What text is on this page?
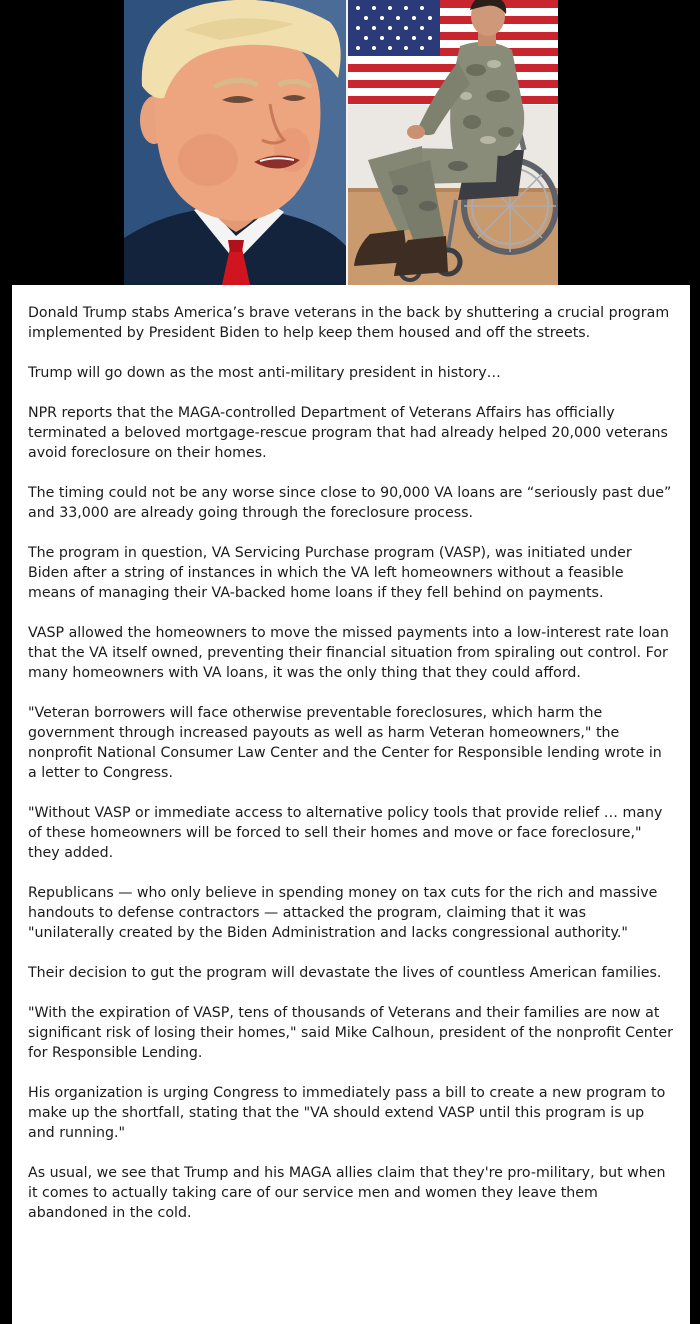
Donald Trump stabs America’s brave veterans in the back by shuttering a crucial program implemented by President Biden to help keep them housed and off the streets.

Trump will go down as the most anti-military president in history…

NPR reports that the MAGA-controlled Department of Veterans Affairs has officially terminated a beloved mortgage-rescue program that had already helped 20,000 veterans avoid foreclosure on their homes.

The timing could not be any worse since close to 90,000 VA loans are “seriously past due” and 33,000 are already going through the foreclosure process.

The program in question, VA Servicing Purchase program (VASP), was initiated under Biden after a string of instances in which the VA left homeowners without a feasible means of managing their VA-backed home loans if they fell behind on payments.

VASP allowed the homeowners to move the missed payments into a low-interest rate loan that the VA itself owned, preventing their financial situation from spiraling out control. For many homeowners with VA loans, it was the only thing that they could afford.

"Veteran borrowers will face otherwise preventable foreclosures, which harm the government through increased payouts as well as harm Veteran homeowners," the nonprofit National Consumer Law Center and the Center for Responsible lending wrote in a letter to Congress.

"Without VASP or immediate access to alternative policy tools that provide relief … many of these homeowners will be forced to sell their homes and move or face foreclosure," they added.

Republicans — who only believe in spending money on tax cuts for the rich and massive handouts to defense contractors — attacked the program, claiming that it was "unilaterally created by the Biden Administration and lacks congressional authority."

Their decision to gut the program will devastate the lives of countless American families.

"With the expiration of VASP, tens of thousands of Veterans and their families are now at significant risk of losing their homes," said Mike Calhoun, president of the nonprofit Center for Responsible Lending.

His organization is urging Congress to immediately pass a bill to create a new program to make up the shortfall, stating that the "VA should extend VASP until this program is up and running."

As usual, we see that Trump and his MAGA allies claim that they're pro-military, but when it comes to actually taking care of our service men and women they leave them abandoned in the cold.
